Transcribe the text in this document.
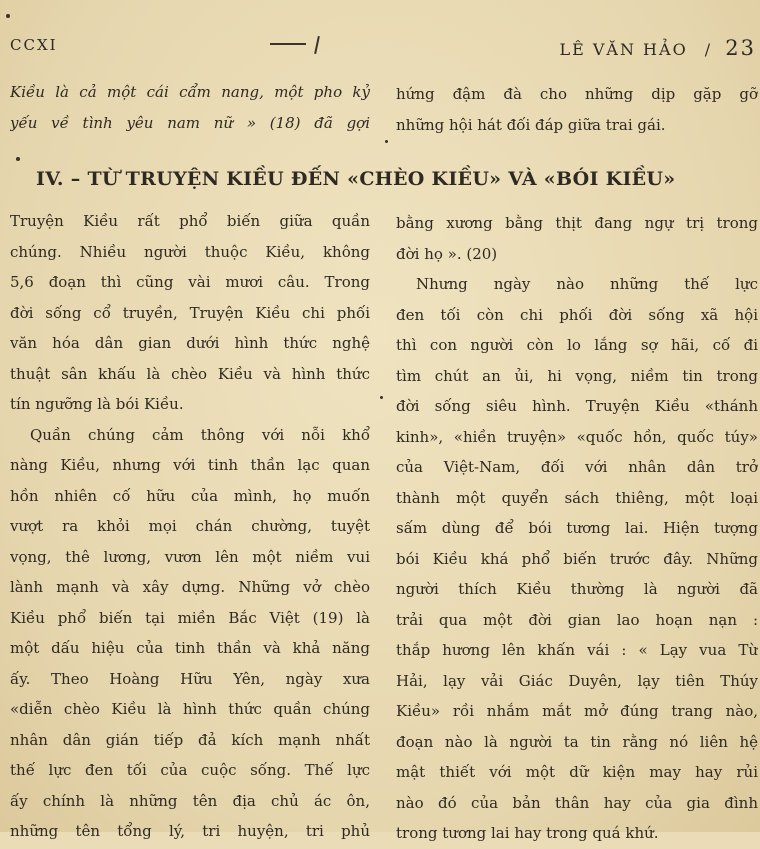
CCXI	LÊ VĂN HẢO / 23

Kiều là cả một cái cẩm nang, một pho kỷ

yếu về tình yêu nam nữ » (18) đã gợi

hứng đậm đà cho những dịp gặp gỡ

những hội hát đối đáp giữa trai gái.

IV. – TỪ TRUYỆN KIỀU ĐẾN «CHÈO KIỀU» VÀ «BÓI KIỀU»

Truyện Kiều rất phổ biến giữa quần

chúng. Nhiều người thuộc Kiều, không

5,6 đoạn thì cũng vài mươi câu. Trong

đời sống cổ truyền, Truyện Kiều chi phối

văn hóa dân gian dưới hình thức nghệ

thuật sân khấu là chèo Kiều và hình thức

tín ngưỡng là bói Kiều.

Quần chúng cảm thông với nỗi khổ

nàng Kiều, nhưng với tinh thần lạc quan

hồn nhiên cố hữu của mình, họ muốn

vượt ra khỏi mọi chán chường, tuyệt

vọng, thê lương, vươn lên một niềm vui

lành mạnh và xây dựng. Những vở chèo

Kiều phổ biến tại miền Bắc Việt (19) là

một dấu hiệu của tinh thần và khả năng

ấy. Theo Hoàng Hữu Yên, ngày xưa

«diễn chèo Kiều là hình thức quần chúng

nhân dân gián tiếp đả kích mạnh nhất

thế lực đen tối của cuộc sống. Thế lực

ấy chính là những tên địa chủ ác ôn,

những tên tổng lý, tri huyện, tri phủ

bằng xương bằng thịt đang ngự trị trong

đời họ ». (20)

Nhưng ngày nào những thế lực

đen tối còn chi phối đời sống xã hội

thì con người còn lo lắng sợ hãi, cố đi

tìm chút an ủi, hi vọng, niềm tin trong

đời sống siêu hình. Truyện Kiều «thánh

kinh», «hiền truyện» «quốc hồn, quốc túy»

của Việt-Nam, đối với nhân dân trở

thành một quyển sách thiêng, một loại

sấm dùng để bói tương lai. Hiện tượng

bói Kiều khá phổ biến trước đây. Những

người thích Kiều thường là người đã

trải qua một đời gian lao hoạn nạn :

thắp hương lên khấn vái : « Lạy vua Từ

Hải, lạy vải Giác Duyên, lạy tiên Thúy

Kiều» rồi nhắm mắt mở đúng trang nào,

đoạn nào là người ta tin rằng nó liên hệ

mật thiết với một dữ kiện may hay rủi

nào đó của bản thân hay của gia đình

trong tương lai hay trong quá khứ.
